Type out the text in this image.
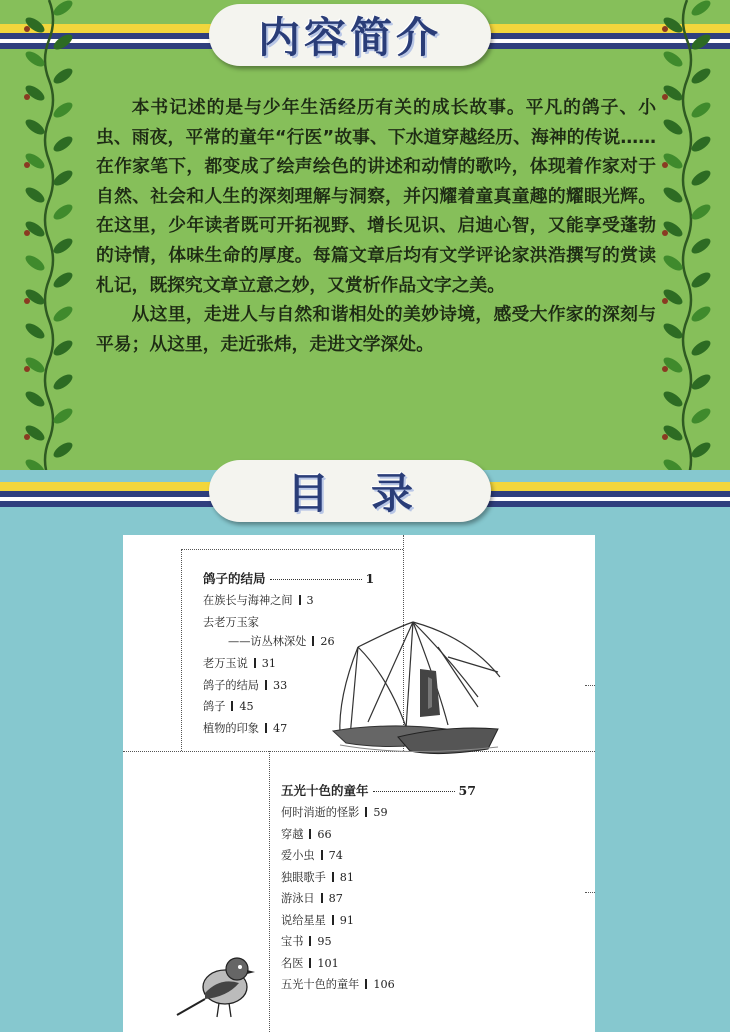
内容简介

本书记述的是与少年生活经历有关的成长故事。平凡的鸽子、小虫、雨夜，平常的童年“行医”故事、下水道穿越经历、海神的传说……在作家笔下，都变成了绘声绘色的讲述和动情的歌吟，体现着作家对于自然、社会和人生的深刻理解与洞察，并闪耀着童真童趣的耀眼光辉。在这里，少年读者既可开拓视野、增长见识、启迪心智，又能享受蓬勃的诗情，体味生命的厚度。每篇文章后均有文学评论家洪浩撰写的赏读札记，既探究文章立意之妙，又赏析作品文字之美。

从这里，走进人与自然和谐相处的美妙诗境，感受大作家的深刻与平易；从这里，走近张炜，走进文学深处。

目录
鸽子的结局	1
在族长与海神之间 3
去老万玉家
——访丛林深处 26
老万玉说 31
鸽子的结局 33
鸽子 45
植物的印象 47
五光十色的童年	57
何时消逝的怪影 59
穿越 66
爱小虫 74
独眼歌手 81
游泳日 87
说给星星 91
宝书 95
名医 101
五光十色的童年 106
